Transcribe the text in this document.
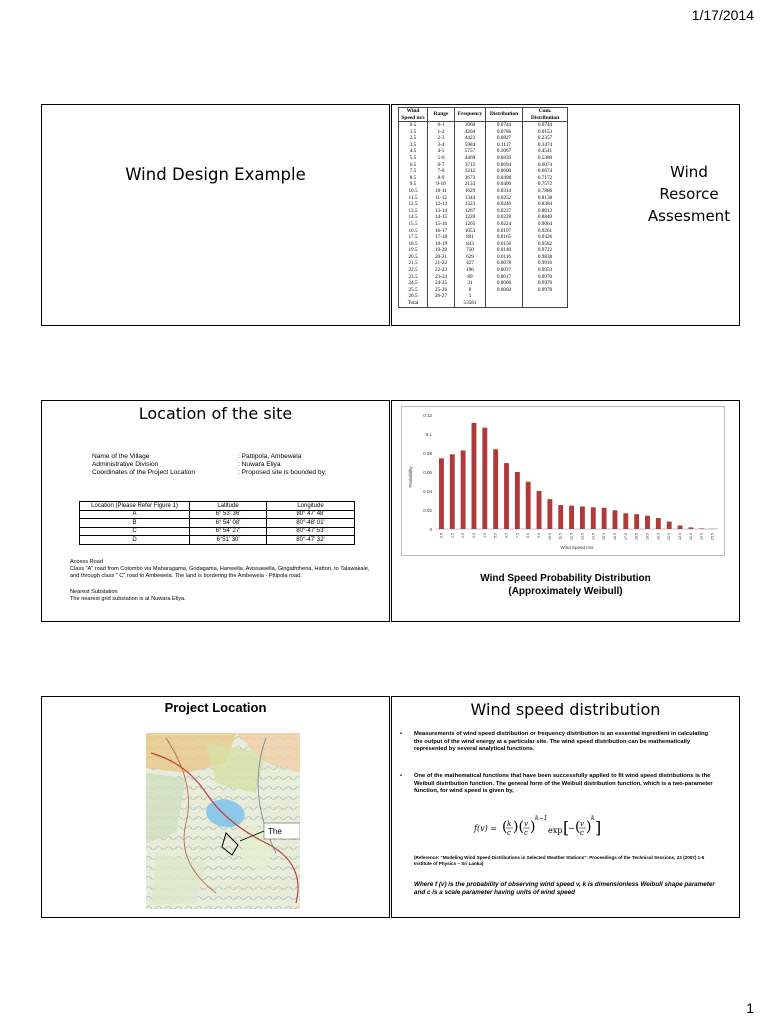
1/17/2014
Wind Design Example
Wind Speed m/s	Range	Frequency	Distribution	Cum. Distribution
0.5	0-1	3960	0.0744	0.0744
1.5	1-2	4204	0.0786	0.0153
2.5	2-3	4423	0.0827	0.2357
3.5	3-4	5984	0.1117	0.3474
4.5	4-5	5757	0.1067	0.4541
5.5	5-6	4469	0.0839	0.5380
6.5	6-7	3712	0.0694	0.6074
7.5	7-8	3212	0.0600	0.6674
8.5	8-9	2673	0.0498	0.7172
9.5	9-10	2133	0.0400	0.7572
10.5	10-11	1629	0.0314	0.7886
11.5	11-12	1344	0.0252	0.8138
12.5	12-13	1323	0.0246	0.8384
13.5	13-14	1267	0.0237	0.8612
14.5	14-15	1220	0.0228	0.8840
15.5	15-16	1205	0.0224	0.9064
16.5	16-17	1053	0.0197	0.9261
17.5	17-18	891	0.0165	0.9426
18.5	18-19	843	0.0156	0.9582
19.5	19-20	750	0.0140	0.9722
20.5	20-21	629	0.0116	0.9838
21.5	21-22	427	0.0078	0.9916
22.5	22-23	196	0.0037	0.9953
23.5	23-24	89	0.0017	0.9970
24.5	24-25	31	0.0006	0.9976
25.5	25-26	8	0.0002	0.9978
26.5	26-27	1		
Total		53581		
Wind
Resorce
Assesment
Location of the site
Name of the Village	: Pattipola, Ambewela
Administrative Division	: Nuwara Eliya
Coordinates of the Project Location	: Proposed site is bounded by;
Location (Please Refer Figure 1)	Latitude	Longitude
A	6° 53' 36'	80° 47' 48'
B	6° 54' 08'	80°-48' 01'
C	6° 54' 27'	80°-47' 53'
D	6°51' 30'	80°-47' 32'
Access Road
Class "A" road from Colombo via Maharagama, Godagama, Hanwella, Avissawella, Gingaththena, Hatton, to Talawakale, and through class " C" road to Ambewela. The land is bordering the Ambewela - Pttipola road.
Nearest Substation
The nearest grid substation is at Nuwara Eliya.
0
0.02
0.04
0.06
0.08
0.1
0.12
0.5 1.5 2.5 3.5 4.5 5.5 6.5 7.5 8.5 9.5 10.5 11.5 12.5 13.5 14.5 15.5 16.5 17.5 18.5 19.5 20.5 21.5 22.5 23.5 24.5 25.5
Wind Speed m/s
Probability
Wind Speed Probability Distribution
(Approximately Weibull)
Project Location
The
Wind speed distribution
•	Measurements of wind speed distribution or frequency distribution is an essential ingredient in calculating the output of the wind energy at a particular site. The wind speed distribution can be mathematically represented by several analytical functions.
•	One of the mathematical functions that have been successfully applied to fit wind speed distributions is the Weibull distribution function. The general form of the Weibull distribution function, which is a two-parameter function, for wind speed is given by,
f(v) = ( k
c )( v
c )
k−1
exp [
− ( v
c )
k ]
(Reference: "Modeling Wind Speed Distributions in Selected Weather Stations": Proceedings of the Technical Sessions, 23 (2007) 1-6 Institute of Physics – Sri Lanka)
Where f (v) is the probability of observing wind speed v, k is dimensionless Weibull shape parameter and c is a scale parameter having units of wind speed
1
